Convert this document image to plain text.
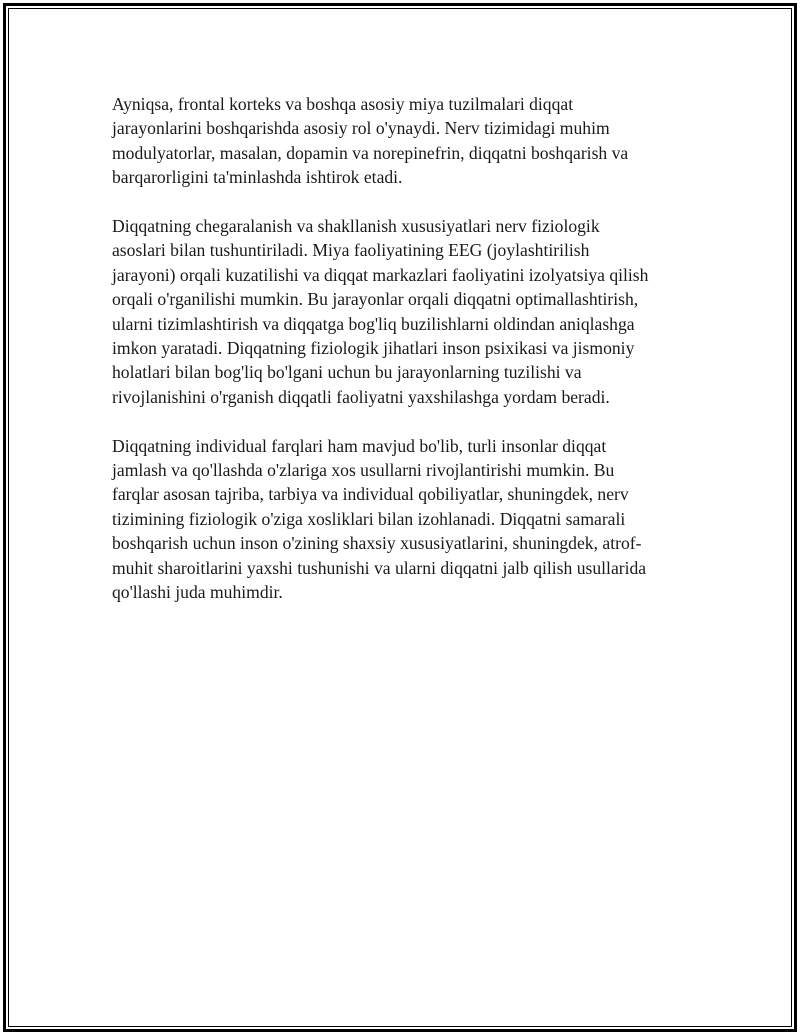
Ayniqsa, frontal korteks va boshqa asosiy miya tuzilmalari diqqat
jarayonlarini boshqarishda asosiy rol o'ynaydi. Nerv tizimidagi muhim
modulyatorlar, masalan, dopamin va norepinefrin, diqqatni boshqarish va
barqarorligini ta'minlashda ishtirok etadi.

Diqqatning chegaralanish va shakllanish xususiyatlari nerv fiziologik
asoslari bilan tushuntiriladi. Miya faoliyatining EEG (joylashtirilish
jarayoni) orqali kuzatilishi va diqqat markazlari faoliyatini izolyatsiya qilish
orqali o'rganilishi mumkin. Bu jarayonlar orqali diqqatni optimallashtirish,
ularni tizimlashtirish va diqqatga bog'liq buzilishlarni oldindan aniqlashga
imkon yaratadi. Diqqatning fiziologik jihatlari inson psixikasi va jismoniy
holatlari bilan bog'liq bo'lgani uchun bu jarayonlarning tuzilishi va
rivojlanishini o'rganish diqqatli faoliyatni yaxshilashga yordam beradi.

Diqqatning individual farqlari ham mavjud bo'lib, turli insonlar diqqat
jamlash va qo'llashda o'zlariga xos usullarni rivojlantirishi mumkin. Bu
farqlar asosan tajriba, tarbiya va individual qobiliyatlar, shuningdek, nerv
tizimining fiziologik o'ziga xosliklari bilan izohlanadi. Diqqatni samarali
boshqarish uchun inson o'zining shaxsiy xususiyatlarini, shuningdek, atrof-
muhit sharoitlarini yaxshi tushunishi va ularni diqqatni jalb qilish usullarida
qo'llashi juda muhimdir.
